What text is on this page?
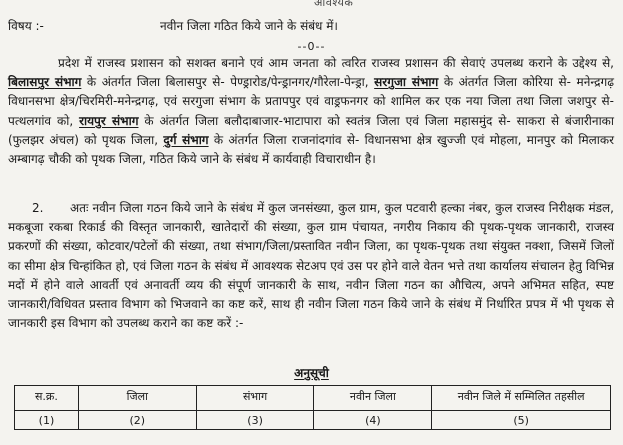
आवश्यक
विषय :-	नवीन जिला गठित किये जाने के संबंध में।
--0--
प्रदेश में राजस्व प्रशासन को सशक्त बनाने एवं आम जनता को त्वरित राजस्व प्रशासन की सेवाएं उपलब्ध कराने के उद्देश्य से, बिलासपुर संभाग के अंतर्गत जिला बिलासपुर से- पेण्ड्रारोड/पेन्ड्रानगर/गौरेला-पेन्ड्रा, सरगुजा संभाग के अंतर्गत जिला कोरिया से- मनेन्द्रगढ़ विधानसभा क्षेत्र/चिरमिरी-मनेन्द्रगढ़, एवं सरगुजा संभाग के प्रतापपुर एवं वाड्रफनगर को शामिल कर एक नया जिला तथा जिला जशपुर से- पत्थलगांव को, रायपुर संभाग के अंतर्गत जिला बलौदाबाजार-भाटापारा को स्वतंत्र जिला एवं जिला महासमुंद से- साकरा से बंजारीनाका (फुलझर अंचल) को पृथक जिला, दुर्ग संभाग के अंतर्गत जिला राजनांदगांव से- विधानसभा क्षेत्र खुज्जी एवं मोहला, मानपुर को मिलाकर अम्बागढ़ चौकी को पृथक जिला, गठित किये जाने के संबंध में कार्यवाही विचाराधीन है।
2. अतः नवीन जिला गठन किये जाने के संबंध में कुल जनसंख्या, कुल ग्राम, कुल पटवारी हल्का नंबर, कुल राजस्व निरीक्षक मंडल, मकबूजा रकबा रिकार्ड की विस्तृत जानकारी, खातेदारों की संख्या, कुल ग्राम पंचायत, नगरीय निकाय की पृथक-पृथक जानकारी, राजस्व प्रकरणों की संख्या, कोटवार/पटेलों की संख्या, तथा संभाग/जिला/प्रस्तावित नवीन जिला, का पृथक-पृथक तथा संयुक्त नक्शा, जिसमें जिलों का सीमा क्षेत्र चिन्हांकित हो, एवं जिला गठन के संबंध में आवश्यक सेटअप एवं उस पर होने वाले वेतन भत्ते तथा कार्यालय संचालन हेतु विभिन्न मदों में होने वाले आवर्ती एवं अनावर्ती व्यय की संपूर्ण जानकारी के साथ, नवीन जिला गठन का औचित्य, अपने अभिमत सहित, स्पष्ट जानकारी/विधिवत प्रस्ताव विभाग को भिजवाने का कष्ट करें, साथ ही नवीन जिला गठन किये जाने के संबंध में निर्धारित प्रपत्र में भी पृथक से जानकारी इस विभाग को उपलब्ध कराने का कष्ट करें :-
अनुसूची
स.क्र.	जिला	संभाग	नवीन जिला	नवीन जिले में सम्मिलित तहसील
(1)	(2)	(3)	(4)	(5)
